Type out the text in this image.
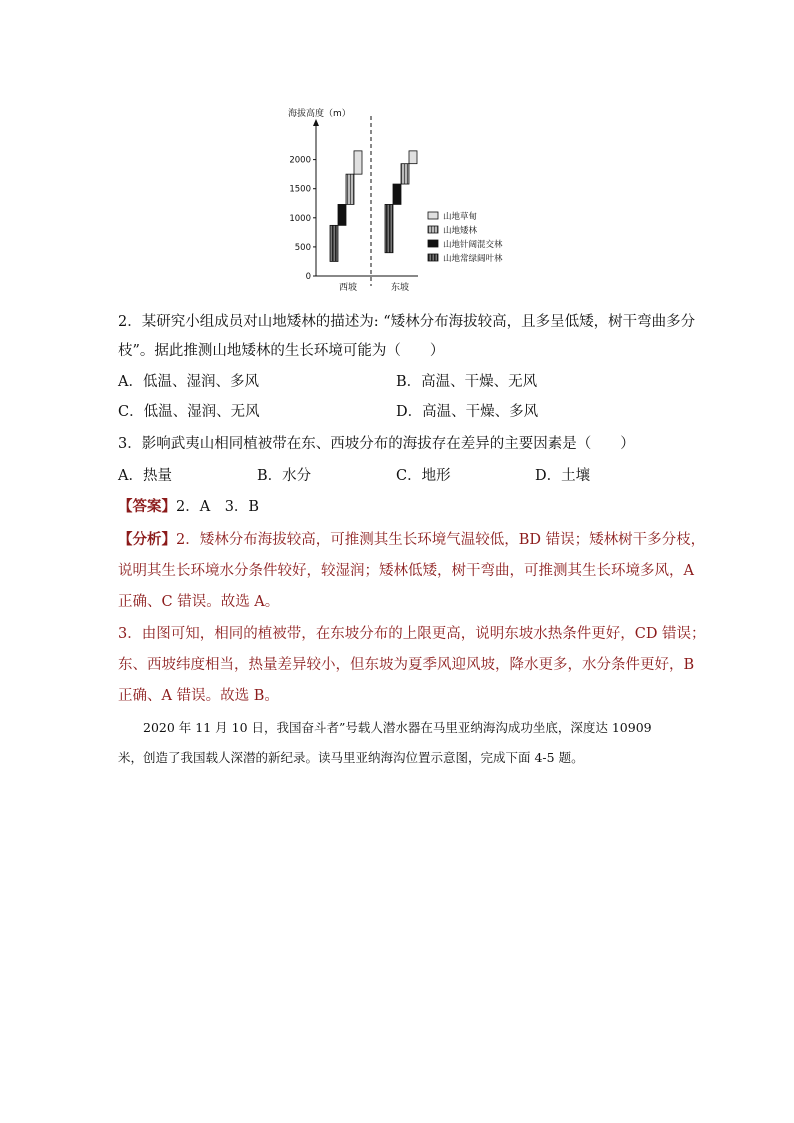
海拔高度（m）
0
500
1000
1500
2000
西坡	东坡
山地草甸
山地矮林
山地针阔混交林
山地常绿阔叶林
2．某研究小组成员对山地矮林的描述为: “矮林分布海拔较高，且多呈低矮，树干弯曲多分
枝”。据此推测山地矮林的生长环境可能为（　　）
A．低温、湿润、多风	B．高温、干燥、无风
C．低温、湿润、无风	D．高温、干燥、多风
3．影响武夷山相同植被带在东、西坡分布的海拔存在差异的主要因素是（　　）
A．热量	B．水分	C．地形	D．土壤
【答案】2．A　3．B
【分析】2．矮林分布海拔较高，可推测其生长环境气温较低，BD 错误；矮林树干多分枝，
说明其生长环境水分条件较好，较湿润；矮林低矮，树干弯曲，可推测其生长环境多风，A
正确、C 错误。故选 A。
3．由图可知，相同的植被带，在东坡分布的上限更高，说明东坡水热条件更好，CD 错误；
东、西坡纬度相当，热量差异较小，但东坡为夏季风迎风坡，降水更多，水分条件更好，B
正确、A 错误。故选 B。
　　2020 年 11 月 10 日，我国奋斗者”号载人潜水器在马里亚纳海沟成功坐底，深度达 10909
米，创造了我国载人深潜的新纪录。读马里亚纳海沟位置示意图，完成下面 4-5 题。
